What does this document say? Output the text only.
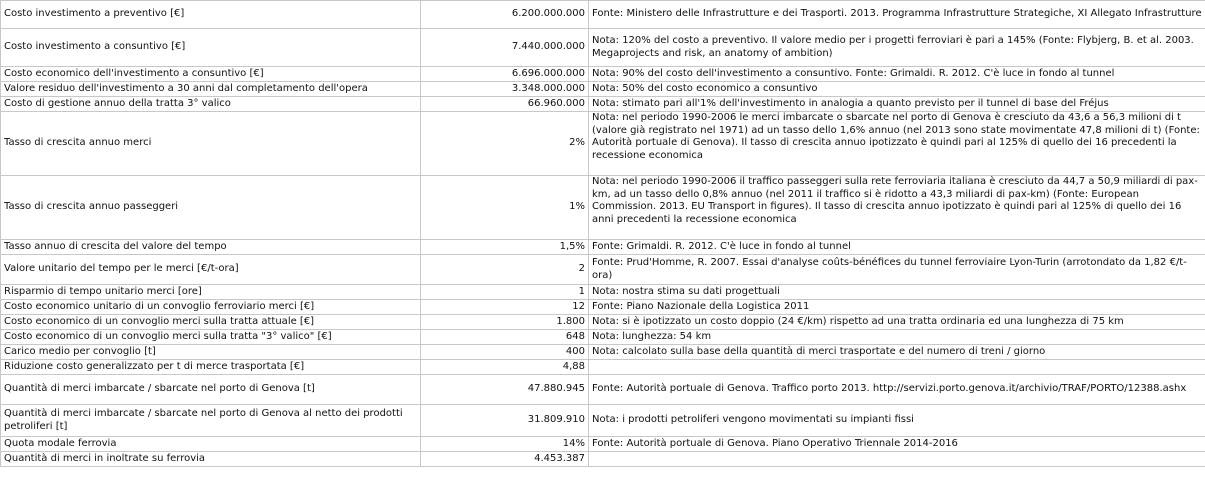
Costo investimento a preventivo [€]	6.200.000.000	Fonte: Ministero delle Infrastrutture e dei Trasporti. 2013. Programma Infrastrutture Strategiche, XI Allegato Infrastrutture
Costo investimento a consuntivo [€]	7.440.000.000	Nota: 120% del costo a preventivo. Il valore medio per i progetti ferroviari è pari a 145% (Fonte: Flybjerg, B. et al. 2003. Megaprojects and risk, an anatomy of ambition)
Costo economico dell'investimento a consuntivo [€]	6.696.000.000	Nota: 90% del costo dell'investimento a consuntivo. Fonte: Grimaldi. R. 2012. C'è luce in fondo al tunnel
Valore residuo dell'investimento a 30 anni dal completamento dell'opera	3.348.000.000	Nota: 50% del costo economico a consuntivo
Costo di gestione annuo della tratta 3° valico	66.960.000	Nota: stimato pari all'1% dell'investimento in analogia a quanto previsto per il tunnel di base del Fréjus
Tasso di crescita annuo merci	2%	Nota: nel periodo 1990-2006 le merci imbarcate o sbarcate nel porto di Genova è cresciuto da 43,6 a 56,3 milioni di t (valore già registrato nel 1971) ad un tasso dello 1,6% annuo (nel 2013 sono state movimentate 47,8 milioni di t) (Fonte: Autorità portuale di Genova). Il tasso di crescita annuo ipotizzato è quindi pari al 125% di quello dei 16 precedenti la recessione economica
Tasso di crescita annuo passeggeri	1%	Nota: nel periodo 1990-2006 il traffico passeggeri sulla rete ferroviaria italiana è cresciuto da 44,7 a 50,9 miliardi di pax-km, ad un tasso dello 0,8% annuo (nel 2011 il traffico si è ridotto a 43,3 miliardi di pax-km) (Fonte: European Commission. 2013. EU Transport in figures). Il tasso di crescita annuo ipotizzato è quindi pari al 125% di quello dei 16 anni precedenti la recessione economica
Tasso annuo di crescita del valore del tempo	1,5%	Fonte: Grimaldi. R. 2012. C'è luce in fondo al tunnel
Valore unitario del tempo per le merci [€/t-ora]	2	Fonte: Prud'Homme, R. 2007. Essai d'analyse coûts-bénéfices du tunnel ferroviaire Lyon-Turin (arrotondato da 1,82 €/t-ora)
Risparmio di tempo unitario merci [ore]	1	Nota: nostra stima su dati progettuali
Costo economico unitario di un convoglio ferroviario merci [€]	12	Fonte: Piano Nazionale della Logistica 2011
Costo economico di un convoglio merci sulla tratta attuale [€]	1.800	Nota: si è ipotizzato un costo doppio (24 €/km) rispetto ad una tratta ordinaria ed una lunghezza di 75 km
Costo economico di un convoglio merci sulla tratta "3° valico" [€]	648	Nota: lunghezza: 54 km
Carico medio per convoglio [t]	400	Nota: calcolato sulla base della quantità di merci trasportate e del numero di treni / giorno
Riduzione costo generalizzato per t di merce trasportata [€]	4,88	
Quantità di merci imbarcate / sbarcate nel porto di Genova [t]	47.880.945	Fonte: Autorità portuale di Genova. Traffico porto 2013. http://servizi.porto.genova.it/archivio/TRAF/PORTO/12388.ashx
Quantità di merci imbarcate / sbarcate nel porto di Genova al netto dei prodotti petroliferi [t]	31.809.910	Nota: i prodotti petroliferi vengono movimentati su impianti fissi
Quota modale ferrovia	14%	Fonte: Autorità portuale di Genova. Piano Operativo Triennale 2014-2016
Quantità di merci in inoltrate su ferrovia	4.453.387	
